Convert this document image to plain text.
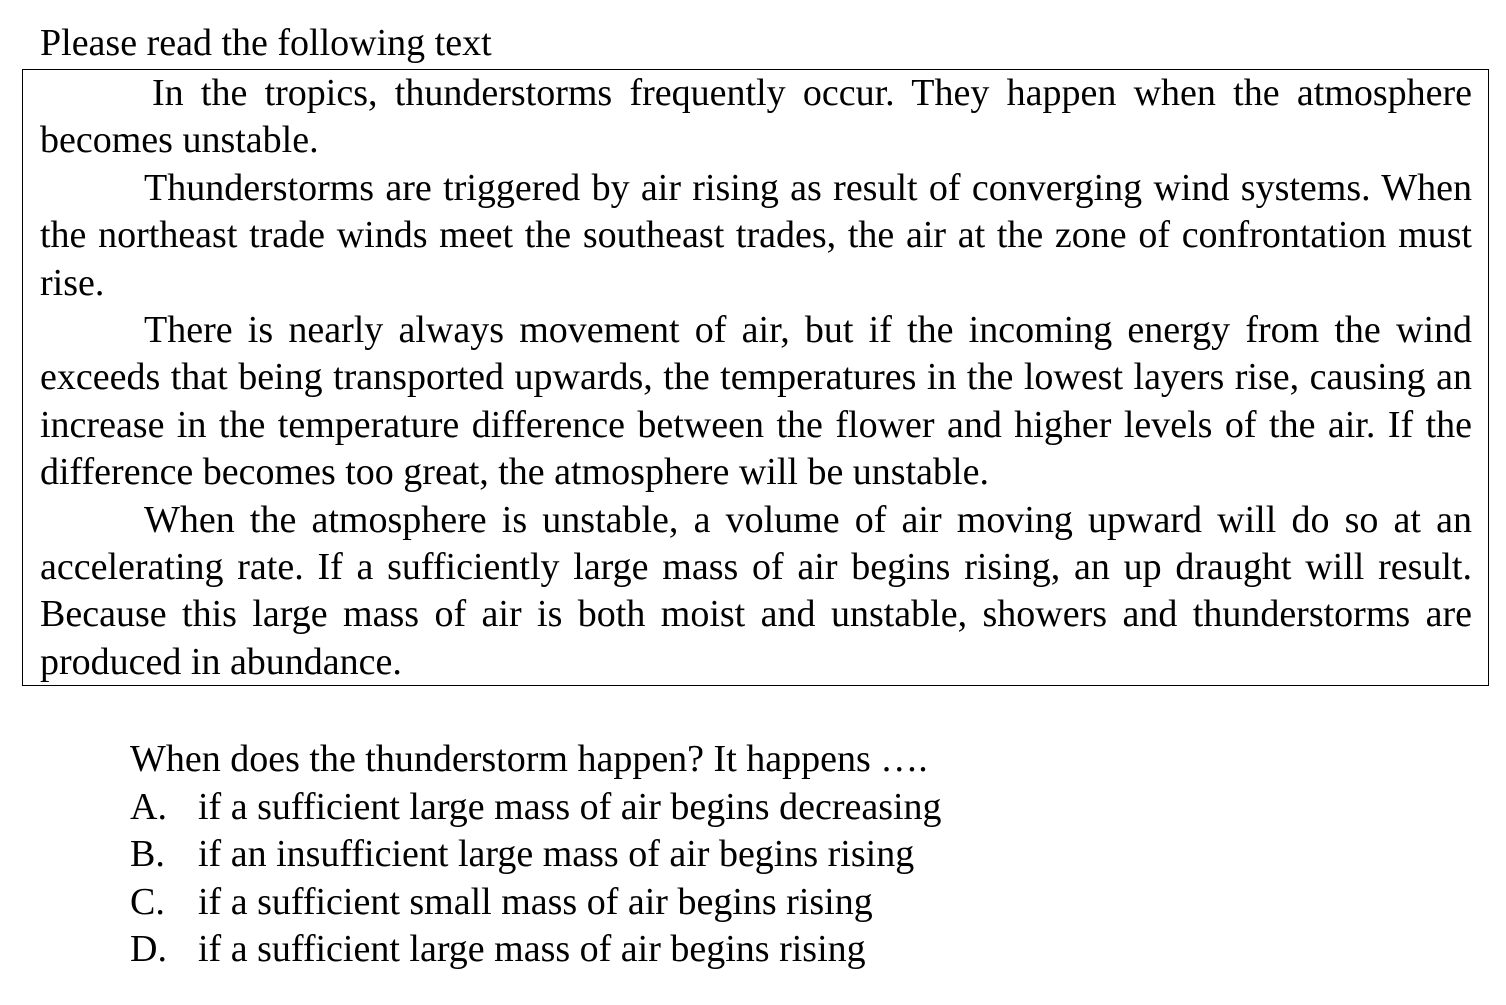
Please read the following text

In the tropics, thunderstorms frequently occur. They happen when the atmosphere becomes unstable.

Thunderstorms are triggered by air rising as result of converging wind systems. When the northeast trade winds meet the southeast trades, the air at the zone of confrontation must rise.

There is nearly always movement of air, but if the incoming energy from the wind exceeds that being transported upwards, the temperatures in the lowest layers rise, causing an increase in the temperature difference between the flower and higher levels of the air. If the difference becomes too great, the atmosphere will be unstable.

When the atmosphere is unstable, a volume of air moving upward will do so at an accelerating rate. If a sufficiently large mass of air begins rising, an up draught will result. Because this large mass of air is both moist and unstable, showers and thunderstorms are produced in abundance.

When does the thunderstorm happen? It happens ….

A. if a sufficient large mass of air begins decreasing
B. if an insufficient large mass of air begins rising
C. if a sufficient small mass of air begins rising
D. if a sufficient large mass of air begins rising
